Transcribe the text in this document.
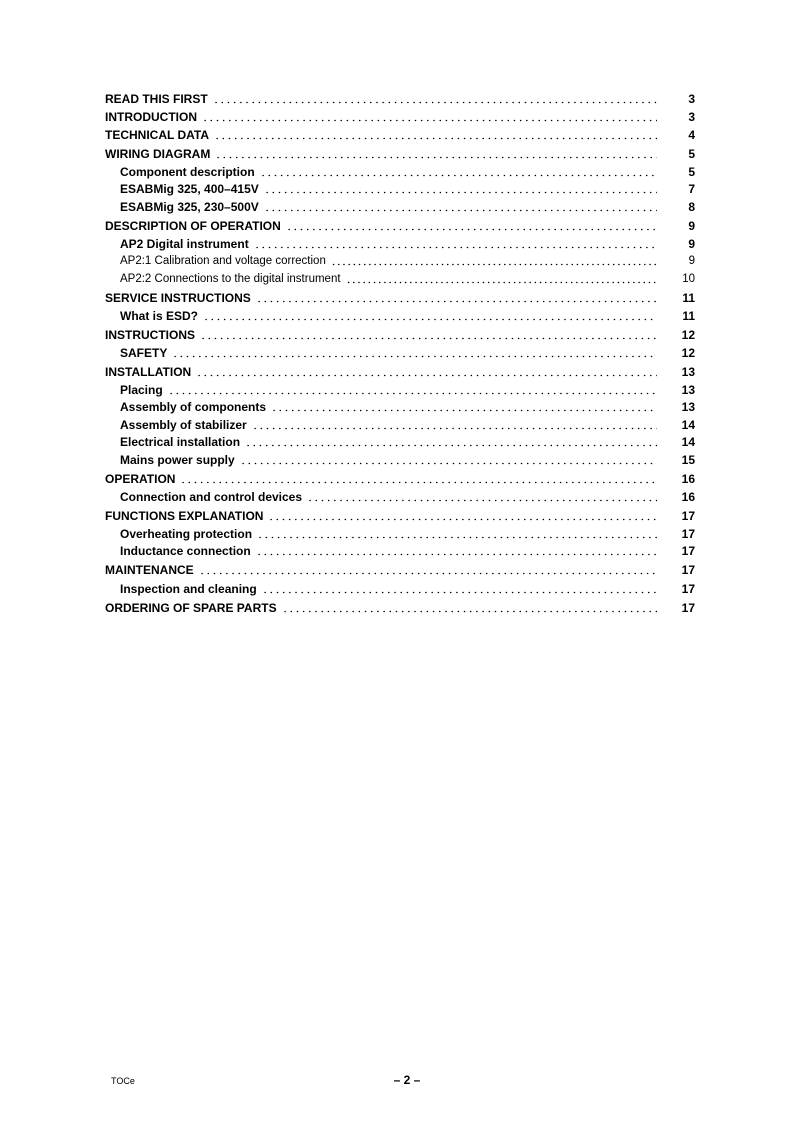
READ THIS FIRST	3
INTRODUCTION	3
TECHNICAL DATA	4
WIRING DIAGRAM	5
Component description	5
ESABMig 325, 400–415V	7
ESABMig 325, 230–500V	8
DESCRIPTION OF OPERATION	9
AP2 Digital instrument	9
AP2:1 Calibration and voltage correction	9
AP2:2 Connections to the digital instrument	10
SERVICE INSTRUCTIONS	11
What is ESD?	11
INSTRUCTIONS	12
SAFETY	12
INSTALLATION	13
Placing	13
Assembly of components	13
Assembly of stabilizer	14
Electrical installation	14
Mains power supply	15
OPERATION	16
Connection and control devices	16
FUNCTIONS EXPLANATION	17
Overheating protection	17
Inductance connection	17
MAINTENANCE	17
Inspection and cleaning	17
ORDERING OF SPARE PARTS	17
TOCe	– 2 –
